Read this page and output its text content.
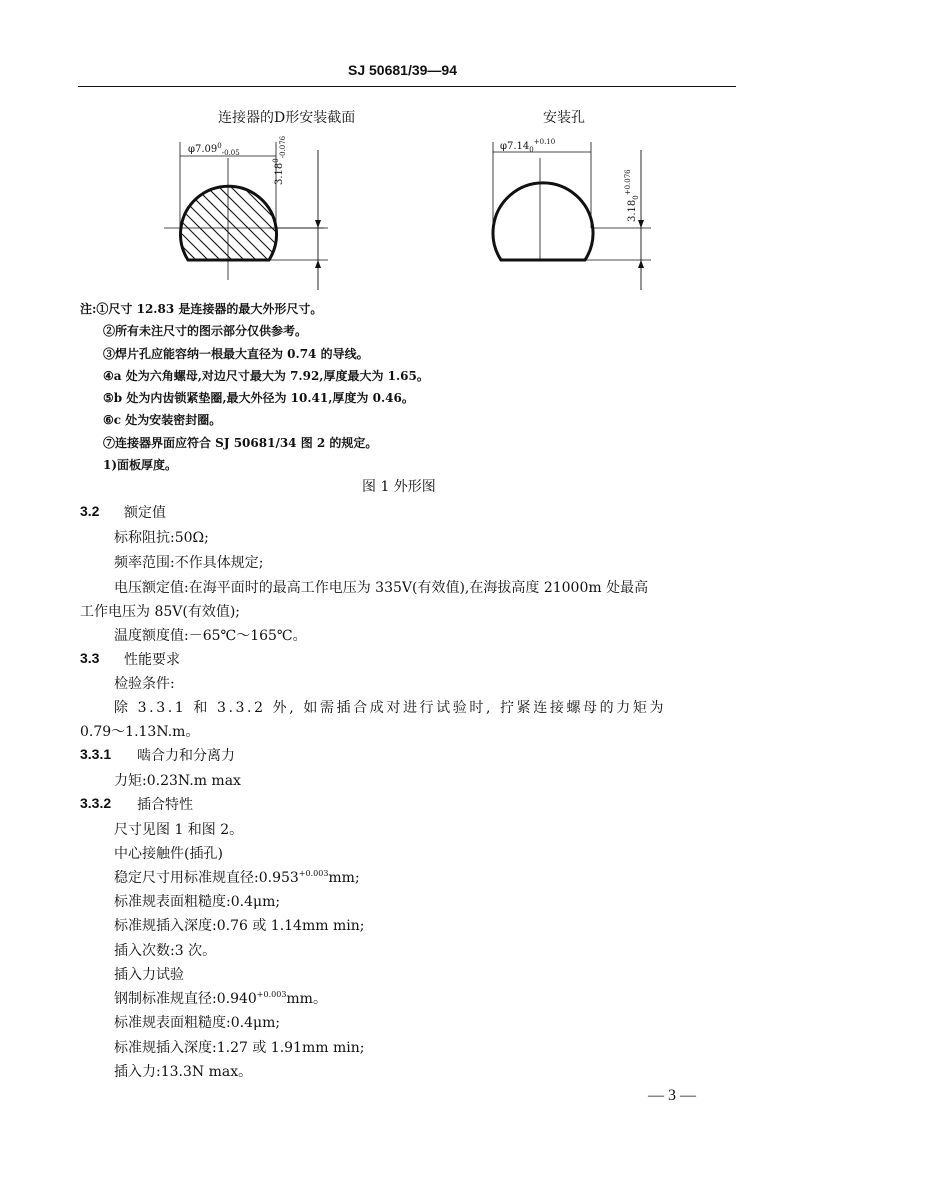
SJ 50681/39—94
连接器的D形安装截面	安装孔
$\varphi 7.09^0_{-0.05}$
$3.18^0_{-0.076}$	$\varphi 7.14_0^{+0.10}$
$3.18_0^{+0.076}$
注:①尺寸 12.83 是连接器的最大外形尺寸。
②所有未注尺寸的图示部分仅供参考。
③焊片孔应能容纳一根最大直径为 0.74 的导线。
④a 处为六角螺母,对边尺寸最大为 7.92,厚度最大为 1.65。
⑤b 处为内齿锁紧垫圈,最大外径为 10.41,厚度为 0.46。
⑥c 处为安装密封圈。
⑦连接器界面应符合 SJ 50681/34 图 2 的规定。
1)面板厚度。
图 1 外形图
3.2 额定值
标称阻抗:50Ω;
频率范围:不作具体规定;
电压额定值:在海平面时的最高工作电压为 335V(有效值),在海拔高度 21000m 处最高
工作电压为 85V(有效值);
温度额度值:－65℃～165℃。
3.3 性能要求
检验条件:
除 3.3.1 和 3.3.2 外, 如需插合成对进行试验时, 拧紧连接螺母的力矩为
0.79～1.13N.m。
3.3.1 啮合力和分离力
力矩:0.23N.m max
3.3.2 插合特性
尺寸见图 1 和图 2。
中心接触件(插孔)
稳定尺寸用标准规直径$:0.953^{+0.003}mm$;
标准规表面粗糙度:0.4μm;
标准规插入深度:0.76 或 1.14mm min;
插入次数:3 次。
插入力试验
钢制标准规直径$:0.940^{+0.003}mm$。
标准规表面粗糙度:0.4μm;
标准规插入深度:1.27 或 1.91mm min;
插入力:13.3N max。
— 3 —
